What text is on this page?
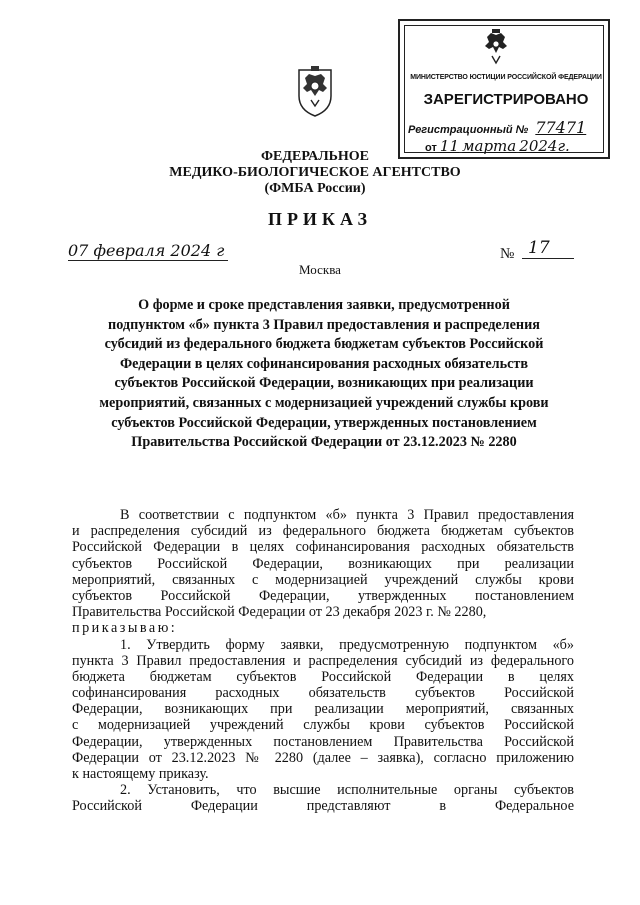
МИНИСТЕРСТВО ЮСТИЦИИ РОССИЙСКОЙ ФЕДЕРАЦИИ
ЗАРЕГИСТРИРОВАНО
Регистрационный № 77471
от 11 марта 2024г.
ФЕДЕРАЛЬНОЕ
МЕДИКО-БИОЛОГИЧЕСКОЕ АГЕНТСТВО
(ФМБА России)
ПРИКАЗ
07 февраля 2024 г	№ 17
Москва
О форме и сроке представления заявки, предусмотренной
подпунктом «б» пункта 3 Правил предоставления и распределения
субсидий из федерального бюджета бюджетам субъектов Российской
Федерации в целях софинансирования расходных обязательств
субъектов Российской Федерации, возникающих при реализации
мероприятий, связанных с модернизацией учреждений службы крови
субъектов Российской Федерации, утвержденных постановлением
Правительства Российской Федерации от 23.12.2023 № 2280
В соответствии с подпунктом «б» пункта 3 Правил предоставления
и распределения субсидий из федерального бюджета бюджетам субъектов
Российской Федерации в целях софинансирования расходных обязательств
субъектов Российской Федерации, возникающих при реализации
мероприятий, связанных с модернизацией учреждений службы крови
субъектов Российской Федерации, утвержденных постановлением
Правительства Российской Федерации от 23 декабря 2023 г. № 2280,
приказываю:
1. Утвердить форму заявки, предусмотренную подпунктом «б»
пункта 3 Правил предоставления и распределения субсидий из федерального
бюджета бюджетам субъектов Российской Федерации в целях
софинансирования расходных обязательств субъектов Российской
Федерации, возникающих при реализации мероприятий, связанных
с модернизацией учреждений службы крови субъектов Российской
Федерации, утвержденных постановлением Правительства Российской
Федерации от 23.12.2023 № 2280 (далее – заявка), согласно приложению
к настоящему приказу.
2. Установить, что высшие исполнительные органы субъектов
Российской Федерации представляют в Федеральное
